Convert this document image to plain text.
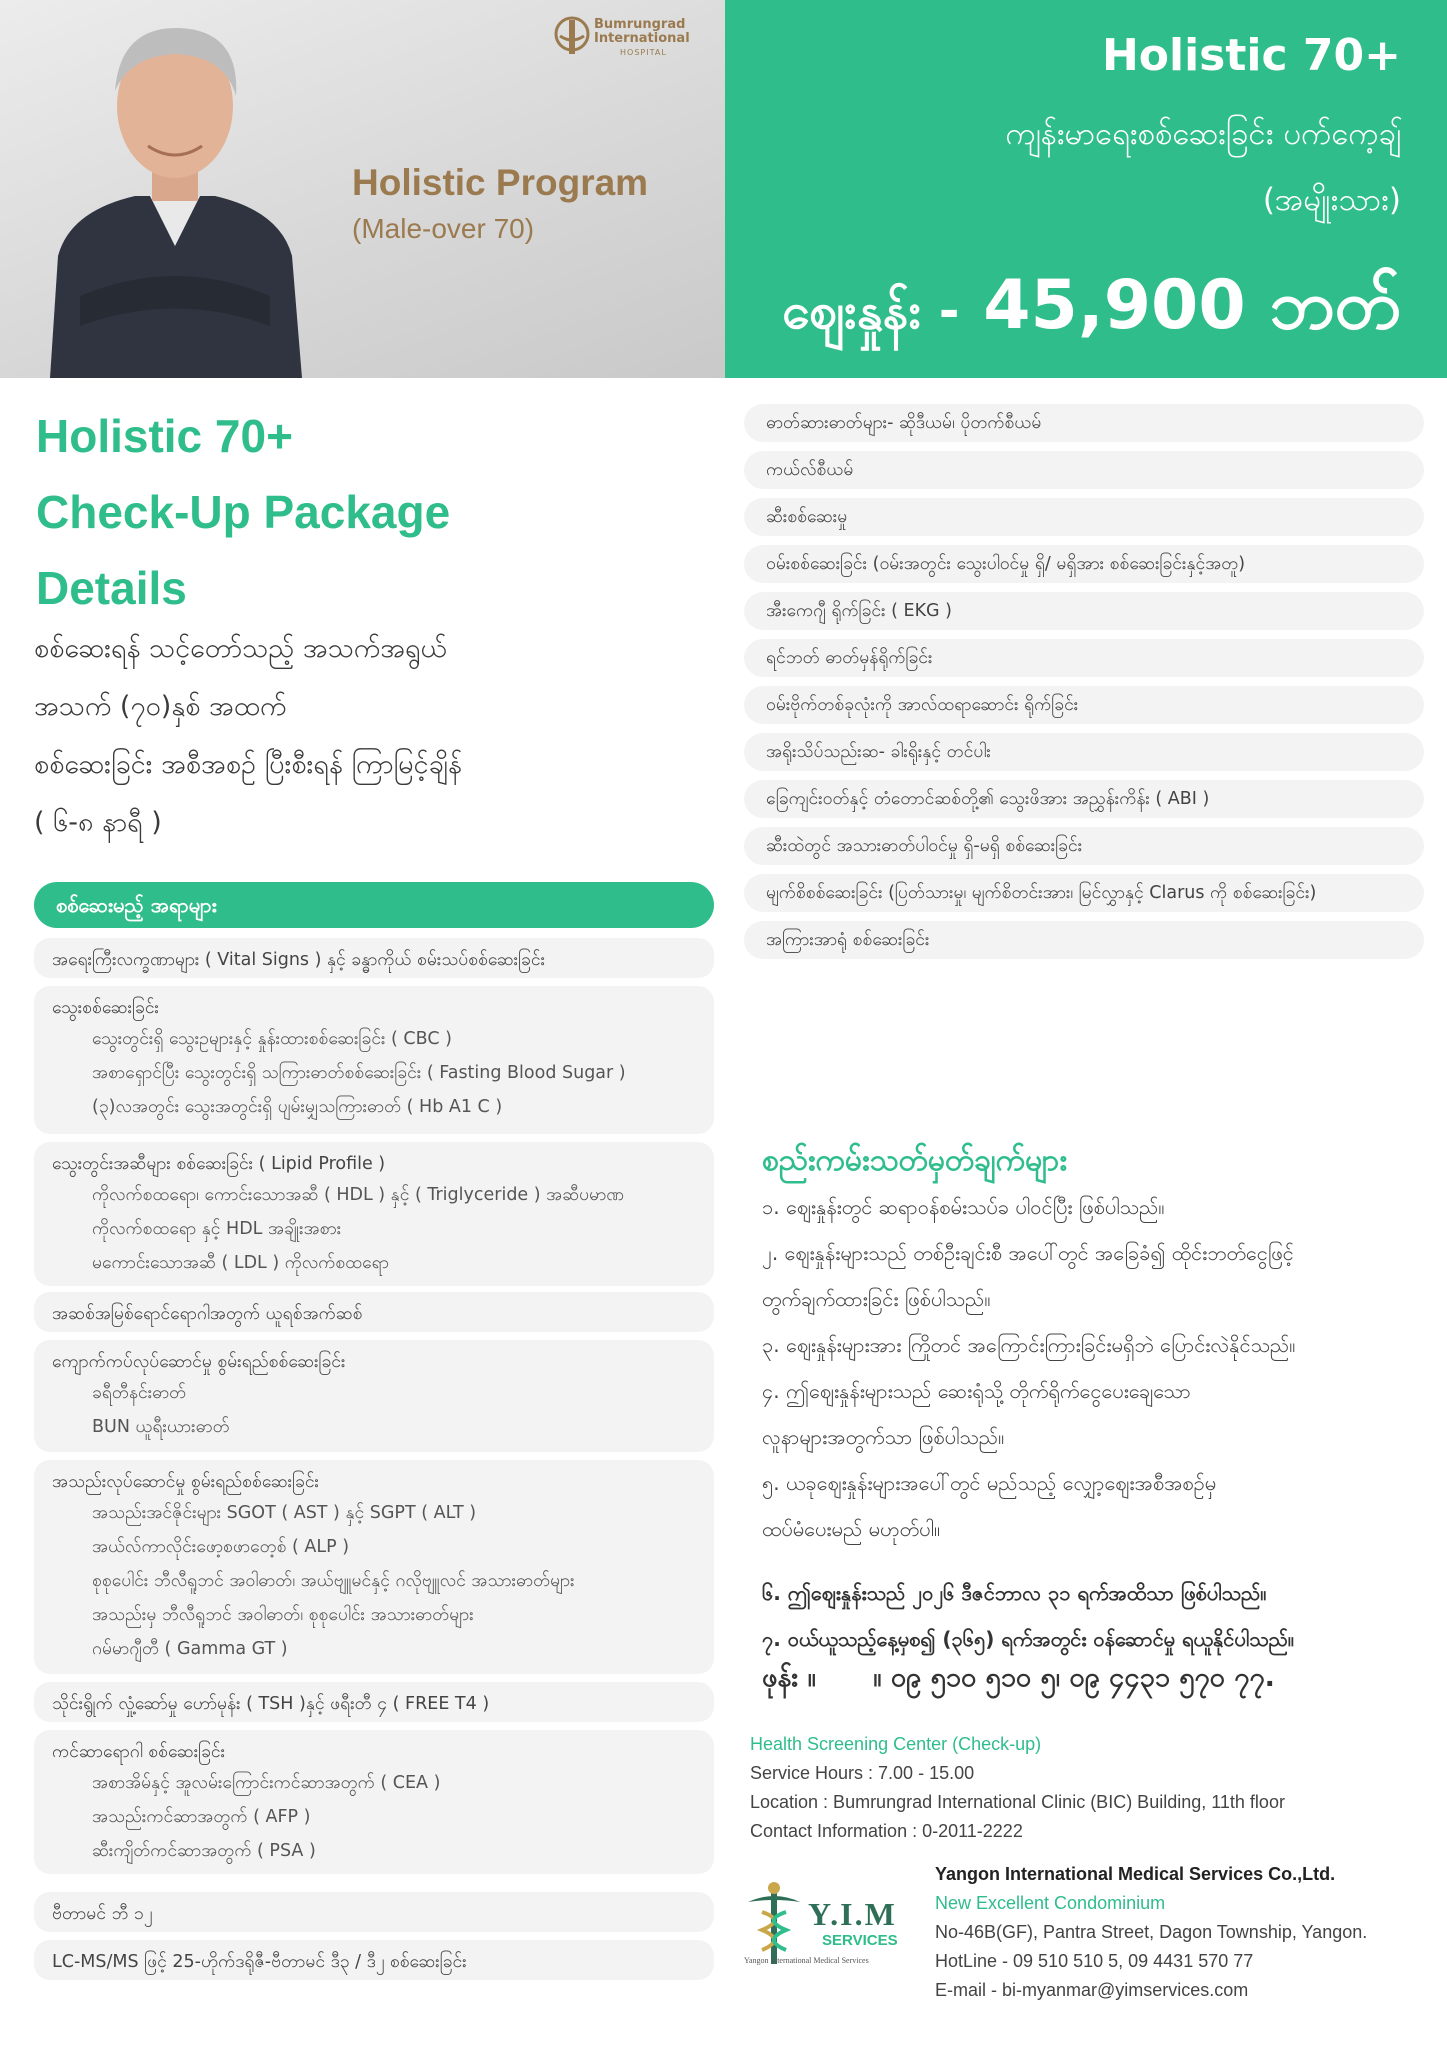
Bumrungrad
International
HOSPITAL
Holistic Program
(Male-over 70)
Holistic 70+
ကျန်းမာရေးစစ်ဆေးခြင်း ပက်ကေ့ချ်
(အမျိုးသား)
ဈေးနှုန်း - 45,900 ဘတ်
Holistic 70+
Check-Up Package
Details
စစ်ဆေးရန် သင့်တော်သည့် အသက်အရွယ်
အသက် (၇၀)နှစ် အထက်
စစ်ဆေးခြင်း အစီအစဉ် ပြီးစီးရန် ကြာမြင့်ချိန်
( ၆-၈ နာရီ )
စစ်ဆေးမည့် အရာများ
အရေးကြီးလက္ခဏာများ ( Vital Signs ) နှင့် ခန္ဓာကိုယ် စမ်းသပ်စစ်ဆေးခြင်း
သွေးစစ်ဆေးခြင်း
သွေးတွင်းရှိ သွေးဥများနှင့် နှုန်းထားစစ်ဆေးခြင်း ( CBC )
အစာရှောင်ပြီး သွေးတွင်းရှိ သကြားဓာတ်စစ်ဆေးခြင်း ( Fasting Blood Sugar )
(၃)လအတွင်း သွေးအတွင်းရှိ ပျမ်းမျှသကြားဓာတ် ( Hb A1 C )
သွေးတွင်းအဆီများ စစ်ဆေးခြင်း ( Lipid Profile )
ကိုလက်စထရော၊ ကောင်းသောအဆီ ( HDL ) နှင့် ( Triglyceride ) အဆီပမာဏ
ကိုလက်စထရော နှင့် HDL အချိုးအစား
မကောင်းသောအဆီ ( LDL ) ကိုလက်စထရော
အဆစ်အမြစ်ရောင်ရောဂါအတွက် ယူရစ်အက်ဆစ်
ကျောက်ကပ်လုပ်ဆောင်မှု စွမ်းရည်စစ်ဆေးခြင်း
ခရီတီနင်းဓာတ်
BUN ယူရီးယားဓာတ်
အသည်းလုပ်ဆောင်မှု စွမ်းရည်စစ်ဆေးခြင်း
အသည်းအင်ဇိုင်းများ SGOT ( AST ) နှင့် SGPT ( ALT )
အယ်လ်ကာလိုင်းဖော့စဖာတေ့စ် ( ALP )
စုစုပေါင်း ဘီလီရူဘင် အဝါဓာတ်၊ အယ်ဗျူမင်နှင့် ဂလိုဗျူလင် အသားဓာတ်များ
အသည်းမှ ဘီလီရူဘင် အဝါဓာတ်၊ စုစုပေါင်း အသားဓာတ်များ
ဂမ်မာဂျီတီ ( Gamma GT )
သိုင်းရွိုက် လှုံ့ဆော်မှု ဟော်မုန်း ( TSH )နှင့် ဖရီးတီ ၄ ( FREE T4 )
ကင်ဆာရောဂါ စစ်ဆေးခြင်း
အစာအိမ်နှင့် အူလမ်းကြောင်းကင်ဆာအတွက် ( CEA )
အသည်းကင်ဆာအတွက် ( AFP )
ဆီးကျိတ်ကင်ဆာအတွက် ( PSA )
ဗီတာမင် ဘီ ၁၂
LC-MS/MS ဖြင့် 25-ဟိုက်ဒရိုဇီ-ဗီတာမင် ဒီ၃ / ဒီ၂ စစ်ဆေးခြင်း
ဓာတ်ဆားဓာတ်များ- ဆိုဒီယမ်၊ ပိုတက်စီယမ်
ကယ်လ်စီယမ်
ဆီးစစ်ဆေးမှု
ဝမ်းစစ်ဆေးခြင်း (ဝမ်းအတွင်း သွေးပါဝင်မှု ရှိ/ မရှိအား စစ်ဆေးခြင်းနှင့်အတူ)
အီးကေဂျီ ရိုက်ခြင်း ( EKG )
ရင်ဘတ် ဓာတ်မှန်ရိုက်ခြင်း
ဝမ်းဗိုက်တစ်ခုလုံးကို အာလ်ထရာဆောင်း ရိုက်ခြင်း
အရိုးသိပ်သည်းဆ- ခါးရိုးနှင့် တင်ပါး
ခြေကျင်းဝတ်နှင့် တံတောင်ဆစ်တို့၏ သွေးဖိအား အညွှန်းကိန်း ( ABI )
ဆီးထဲတွင် အသားဓာတ်ပါဝင်မှု ရှိ-မရှိ စစ်ဆေးခြင်း
မျက်စိစစ်ဆေးခြင်း (ပြတ်သားမှု၊ မျက်စိတင်းအား၊ မြင်လွှာနှင့် Clarus ကို စစ်ဆေးခြင်း)
အကြားအာရုံ စစ်ဆေးခြင်း
စည်းကမ်းသတ်မှတ်ချက်များ
၁. ဈေးနှုန်းတွင် ဆရာဝန်စမ်းသပ်ခ ပါဝင်ပြီး ဖြစ်ပါသည်။
၂. ဈေးနှုန်းများသည် တစ်ဦးချင်းစီ အပေါ်တွင် အခြေခံ၍ ထိုင်းဘတ်ငွေဖြင့်
တွက်ချက်ထားခြင်း ဖြစ်ပါသည်။
၃. ဈေးနှုန်းများအား ကြိုတင် အကြောင်းကြားခြင်းမရှိဘဲ ပြောင်းလဲနိုင်သည်။
၄. ဤဈေးနှုန်းများသည် ဆေးရုံသို့ တိုက်ရိုက်ငွေပေးချေသော
လူနာများအတွက်သာ ဖြစ်ပါသည်။
၅. ယခုဈေးနှုန်းများအပေါ်တွင် မည်သည့် လျှော့ဈေးအစီအစဉ်မှ
ထပ်မံပေးမည် မဟုတ်ပါ။
၆. ဤဈေးနှုန်းသည် ၂၀၂၆ ဒီဇင်ဘာလ ၃၁ ရက်အထိသာ ဖြစ်ပါသည်။
၇. ဝယ်ယူသည့်နေ့မှစ၍ (၃၆၅) ရက်အတွင်း ဝန်ဆောင်မှု ရယူနိုင်ပါသည်။
ဖုန်း ။ ။ ၀၉ ၅၁၀ ၅၁၀ ၅၊ ၀၉ ၄၄၃၁ ၅၇၀ ၇၇.
Health Screening Center (Check-up)
Service Hours : 7.00 - 15.00
Location : Bumrungrad International Clinic (BIC) Building, 11th floor
Contact Information : 0-2011-2222
Y.I.M
SERVICES
Yangon International Medical Services
Yangon International Medical Services Co.,Ltd.
New Excellent Condominium
No-46B(GF), Pantra Street, Dagon Township, Yangon.
HotLine - 09 510 510 5, 09 4431 570 77
E-mail - bi-myanmar@yimservices.com
